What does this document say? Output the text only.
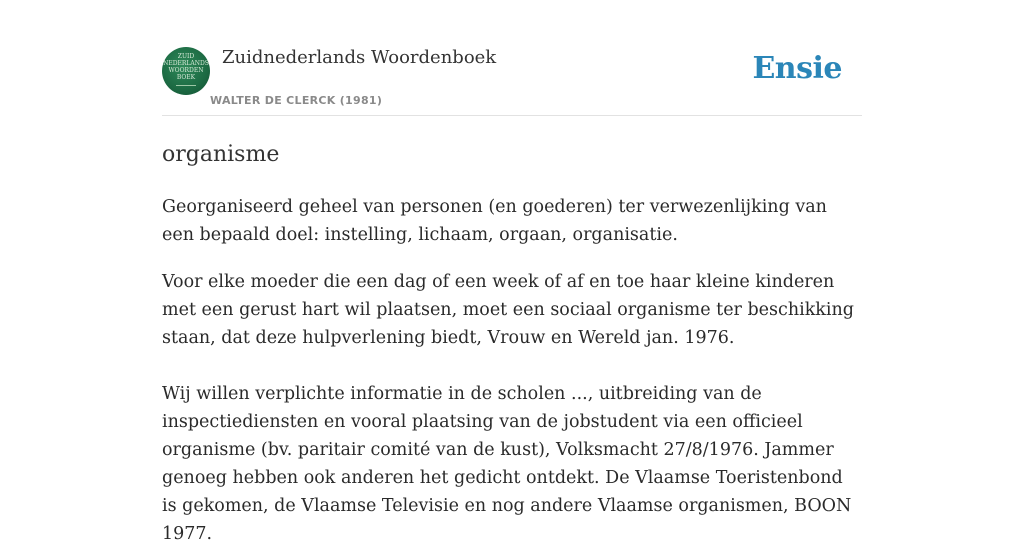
ZUID
NEDERLANDS
WOORDEN
BOEK
Zuidnederlands Woordenboek
WALTER DE CLERCK (1981)
Ensie
organisme

Georganiseerd geheel van personen (en goederen) ter verwezenlijking van een bepaald doel: instelling, lichaam, orgaan, organisatie.

Voor elke moeder die een dag of een week of af en toe haar kleine kinderen met een gerust hart wil plaatsen, moet een sociaal organisme ter beschikking staan, dat deze hulpverlening biedt, Vrouw en Wereld jan. 1976.

Wij willen verplichte informatie in de scholen ..., uitbreiding van de inspectiediensten en vooral plaatsing van de jobstudent via een officieel organisme (bv. paritair comité van de kust), Volksmacht 27/8/1976. Jammer genoeg hebben ook anderen het gedicht ontdekt. De Vlaamse Toeristenbond is gekomen, de Vlaamse Televisie en nog andere Vlaamse organismen, BOON 1977.
